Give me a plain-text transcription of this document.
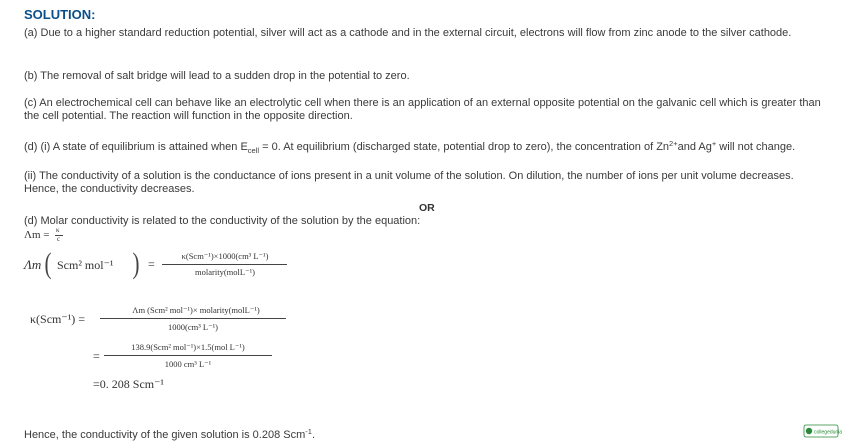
SOLUTION:

(a) Due to a higher standard reduction potential, silver will act as a cathode and in the external circuit, electrons will flow from zinc anode to the silver cathode.

(b) The removal of salt bridge will lead to a sudden drop in the potential to zero.

(c) An electrochemical cell can behave like an electrolytic cell when there is an application of an external opposite potential on the galvanic cell which is greater than the cell potential. The reaction will function in the opposite direction.

(d) (i) A state of equilibrium is attained when $E_{cell} = 0$. At equilibrium (discharged state, potential drop to zero), the concentration of $Zn^{2+}and$ Ag+ will not change.

(ii) The conductivity of a solution is the conductance of ions present in a unit volume of the solution. On dilution, the number of ions per unit volume decreases. Hence, the conductivity decreases.

OR

(d) Molar conductivity is related to the conductivity of the solution by the equation:

Λm = κ
c
Λm ( Scm² mol⁻¹ ) =
κ(Scm⁻¹)×1000(cm³ L⁻¹)
molarity(molL⁻¹)
κ(Scm⁻¹) =
Λm (Scm² mol⁻¹)× molarity(molL⁻¹)
1000(cm³ L⁻¹)
=
138.9(Scm² mol⁻¹)×1.5(mol L⁻¹)
1000 cm³ L⁻¹
=0. 208 Scm⁻¹

Hence, the conductivity of the given solution is 0.208 Scm$^{-1}$.	collegedunia
